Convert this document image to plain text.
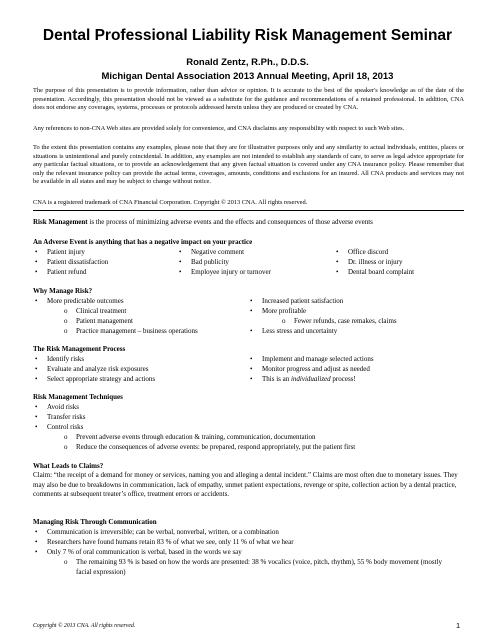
Dental Professional Liability Risk Management Seminar
Ronald Zentz, R.Ph., D.D.S.
Michigan Dental Association 2013 Annual Meeting, April 18, 2013
The purpose of this presentation is to provide information, rather than advice or opinion. It is accurate to the best of the speaker's knowledge as of the date of the presentation. Accordingly, this presentation should not be viewed as a substitute for the guidance and recommendations of a retained professional. In addition, CNA does not endorse any coverages, systems, processes or protocols addressed herein unless they are produced or created by CNA.
Any references to non-CNA Web sites are provided solely for convenience, and CNA disclaims any responsibility with respect to such Web sites.
To the extent this presentation contains any examples, please note that they are for illustrative purposes only and any similarity to actual individuals, entities, places or situations is unintentional and purely coincidental. In addition, any examples are not intended to establish any standards of care, to serve as legal advice appropriate for any particular factual situations, or to provide an acknowledgement that any given factual situation is covered under any CNA insurance policy. Please remember that only the relevant insurance policy can provide the actual terms, coverages, amounts, conditions and exclusions for an insured. All CNA products and services may not be available in all states and may be subject to change without notice.
CNA is a registered trademark of CNA Financial Corporation. Copyright © 2013 CNA. All rights reserved.
Risk Management is the process of minimizing adverse events and the effects and consequences of those adverse events
An Adverse Event is anything that has a negative impact on your practice
• Patient injury
• Patient dissatisfaction
• Patient refund
• Negative comment
• Bad publicity
• Employee injury or turnover
• Office discord
• Dr. illness or injury
• Dental board complaint
Why Manage Risk?
• More predictable outcomes
o Clinical treatment
o Patient management
o Practice management – business operations
• Increased patient satisfaction
• More profitable
o Fewer refunds, case remakes, claims
• Less stress and uncertainty
The Risk Management Process
• Identify risks
• Evaluate and analyze risk exposures
• Select appropriate strategy and actions
• Implement and manage selected actions
• Monitor progress and adjust as needed
• This is an individualized process!
Risk Management Techniques
• Avoid risks
• Transfer risks
• Control risks
o Prevent adverse events through education & training, communication, documentation
o Reduce the consequences of adverse events: be prepared, respond appropriately, put the patient first
What Leads to Claims?
Claim: “the receipt of a demand for money or services, naming you and alleging a dental incident.” Claims are most often due to monetary issues. They may also be due to breakdowns in communication, lack of empathy, unmet patient expectations, revenge or spite, collection action by a dental practice, comments at subsequent treater’s office, treatment errors or accidents.
Managing Risk Through Communication
• Communication is irreversible; can be verbal, nonverbal, written, or a combination
• Researchers have found humans retain 83 % of what we see, only 11 % of what we hear
• Only 7 % of oral communication is verbal, based in the words we say
o The remaining 93 % is based on how the words are presented: 38 % vocalics (voice, pitch, rhythm), 55 % body movement (mostly facial expression)
Copyright © 2013 CNA. All rights reserved.	1
